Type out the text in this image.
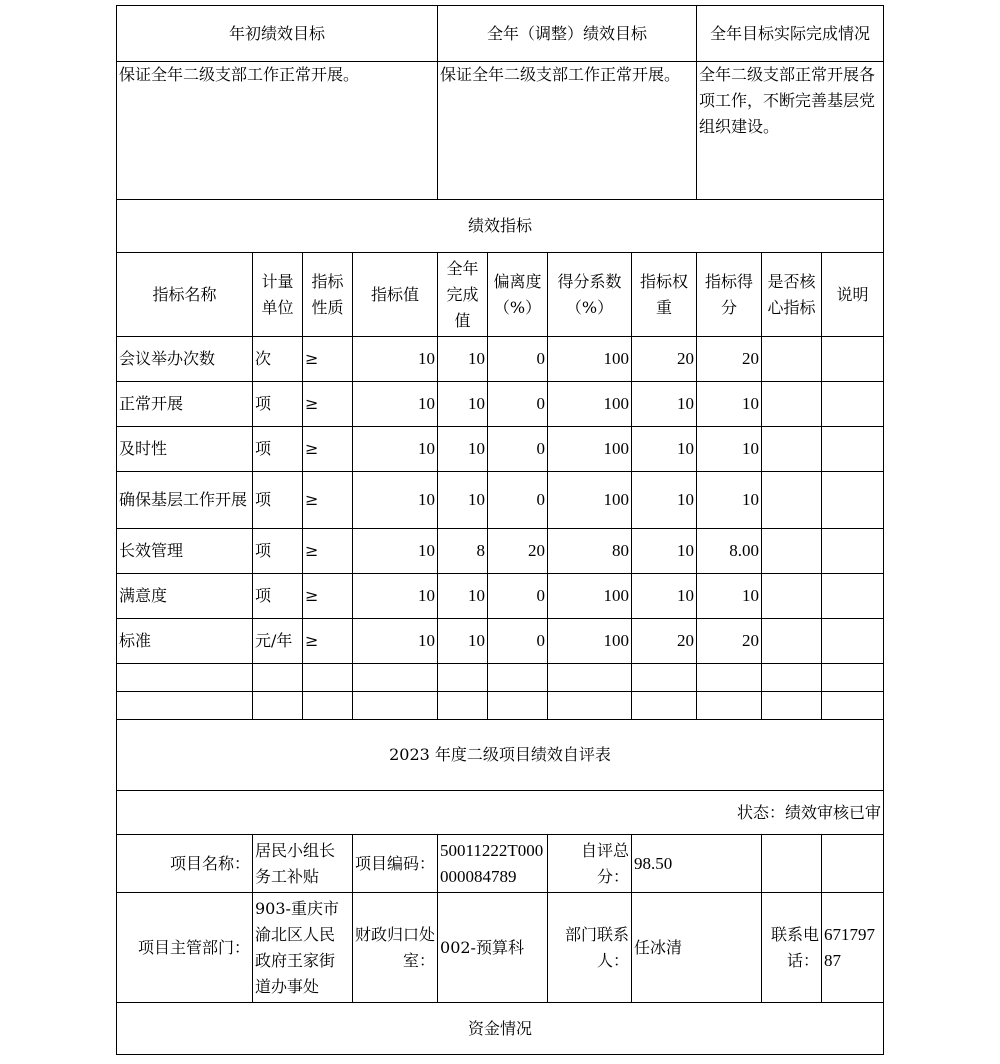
年初绩效目标				全年（调整）绩效目标				全年目标实际完成情况		
保证全年二级支部工作正常开展。				保证全年二级支部工作正常开展。				全年二级支部正常开展各项工作，不断完善基层党组织建设。		
绩效指标										
指标名称	计量单位	指标性质	指标值	全年完成值	偏离度（%）	得分系数（%）	指标权重	指标得分	是否核心指标	说明
会议举办次数	次	≥	10	10	0	100	20	20		
正常开展	项	≥	10	10	0	100	10	10		
及时性	项	≥	10	10	0	100	10	10		
确保基层工作开展	项	≥	10	10	0	100	10	10		
长效管理	项	≥	10	8	20	80	10	8.00		
满意度	项	≥	10	10	0	100	10	10		
标准	元/年	≥	10	10	0	100	20	20		

2023 年度二级项目绩效自评表										
状态：绩效审核已审										
项目名称：	居民小组长务工补贴		项目编码：	50011222T000000084789		自评总分：	98.50			
项目主管部门：	903-重庆市渝北区人民政府王家街道办事处		财政归口处室：	002-预算科		部门联系人：	任冰清		联系电话：	67179787
资金情况										
